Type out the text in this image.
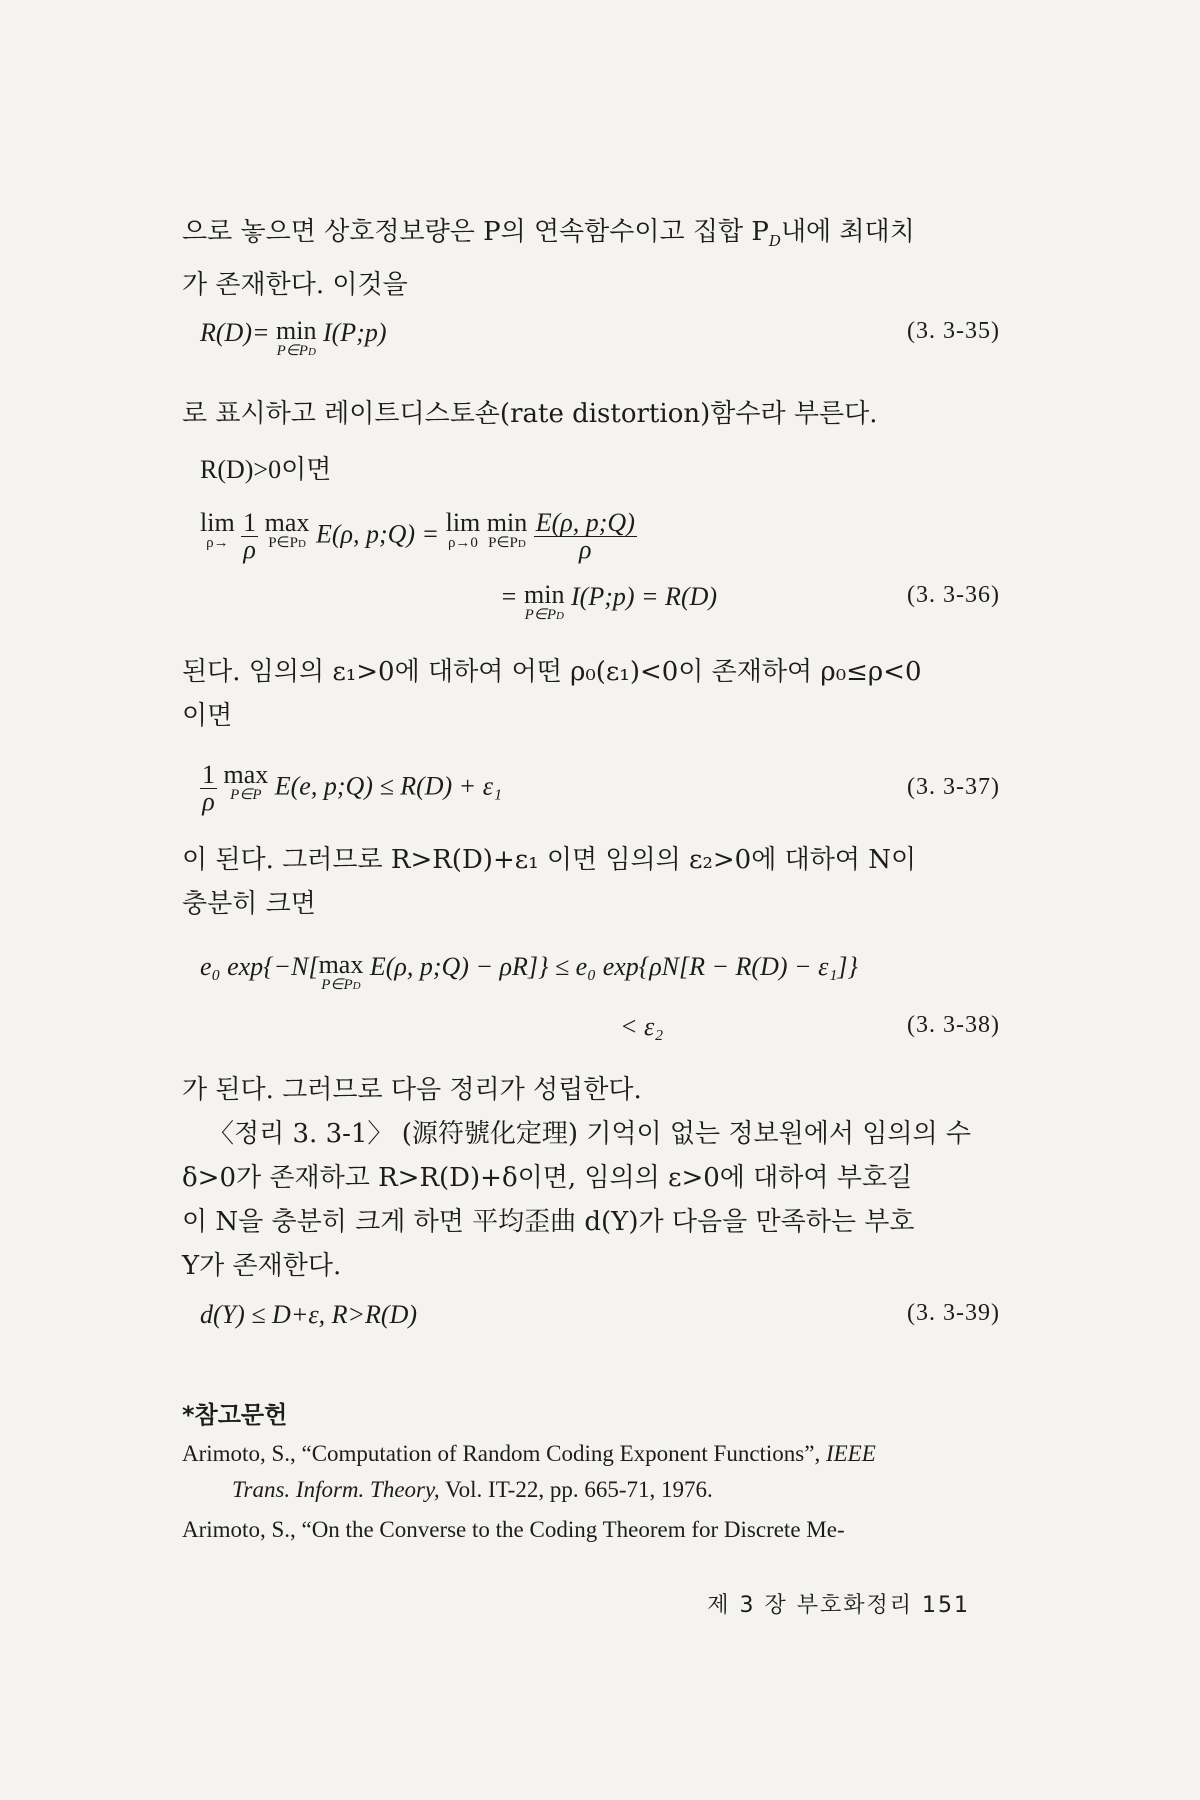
으로 놓으면 상호정보량은 P의 연속함수이고 집합 $P_D$내에 최대치
가 존재한다. 이것을

R(D)= min
P∈PD
I(P;p)	(3. 3-35)

로 표시하고 레이트디스토숀(rate distortion)함수라 부른다.

R(D)>0이면

lim
ρ→
$\frac{1}{\rho}$ max
P∈PD E(ρ, p;Q) = lim
ρ→0
min
P∈PD
$\frac{E(\rho, p;Q)}{\rho}$
= min
P∈PD
I(P;p) = R(D)	(3. 3-36)

된다. 임의의 ε₁>0에 대하여 어떤 ρ₀(ε₁)<0이 존재하여 ρ₀≤ρ<0
이면

$\frac{1}{\rho}$ max
P∈P E(e, p;Q) ≤ R(D) + ε₁	(3. 3-37)

이 된다. 그러므로 R>R(D)+ε₁ 이면 임의의 ε₂>0에 대하여 N이
충분히 크면

e₀ exp{−N[max
P∈PD
E(ρ, p;Q) − ρR]} ≤ e₀ exp{ρN[R − R(D) − ε₁]}
< ε₂	(3. 3-38)

가 된다. 그러므로 다음 정리가 성립한다.

〈정리 3. 3-1〉 (源符號化定理) 기억이 없는 정보원에서 임의의 수
δ>0가 존재하고 R>R(D)+δ이면, 임의의 ε>0에 대하여 부호길
이 N을 충분히 크게 하면 平均歪曲 d(Y)가 다음을 만족하는 부호
Y가 존재한다.

d(Y) ≤ D+ε, R>R(D)	(3. 3-39)
*참고문헌
Arimoto, S., “Computation of Random Coding Exponent Functions”, IEEE
Trans. Inform. Theory, Vol. IT-22, pp. 665-71, 1976.
Arimoto, S., “On the Converse to the Coding Theorem for Discrete Me-
제 3 장 부호화정리 151
